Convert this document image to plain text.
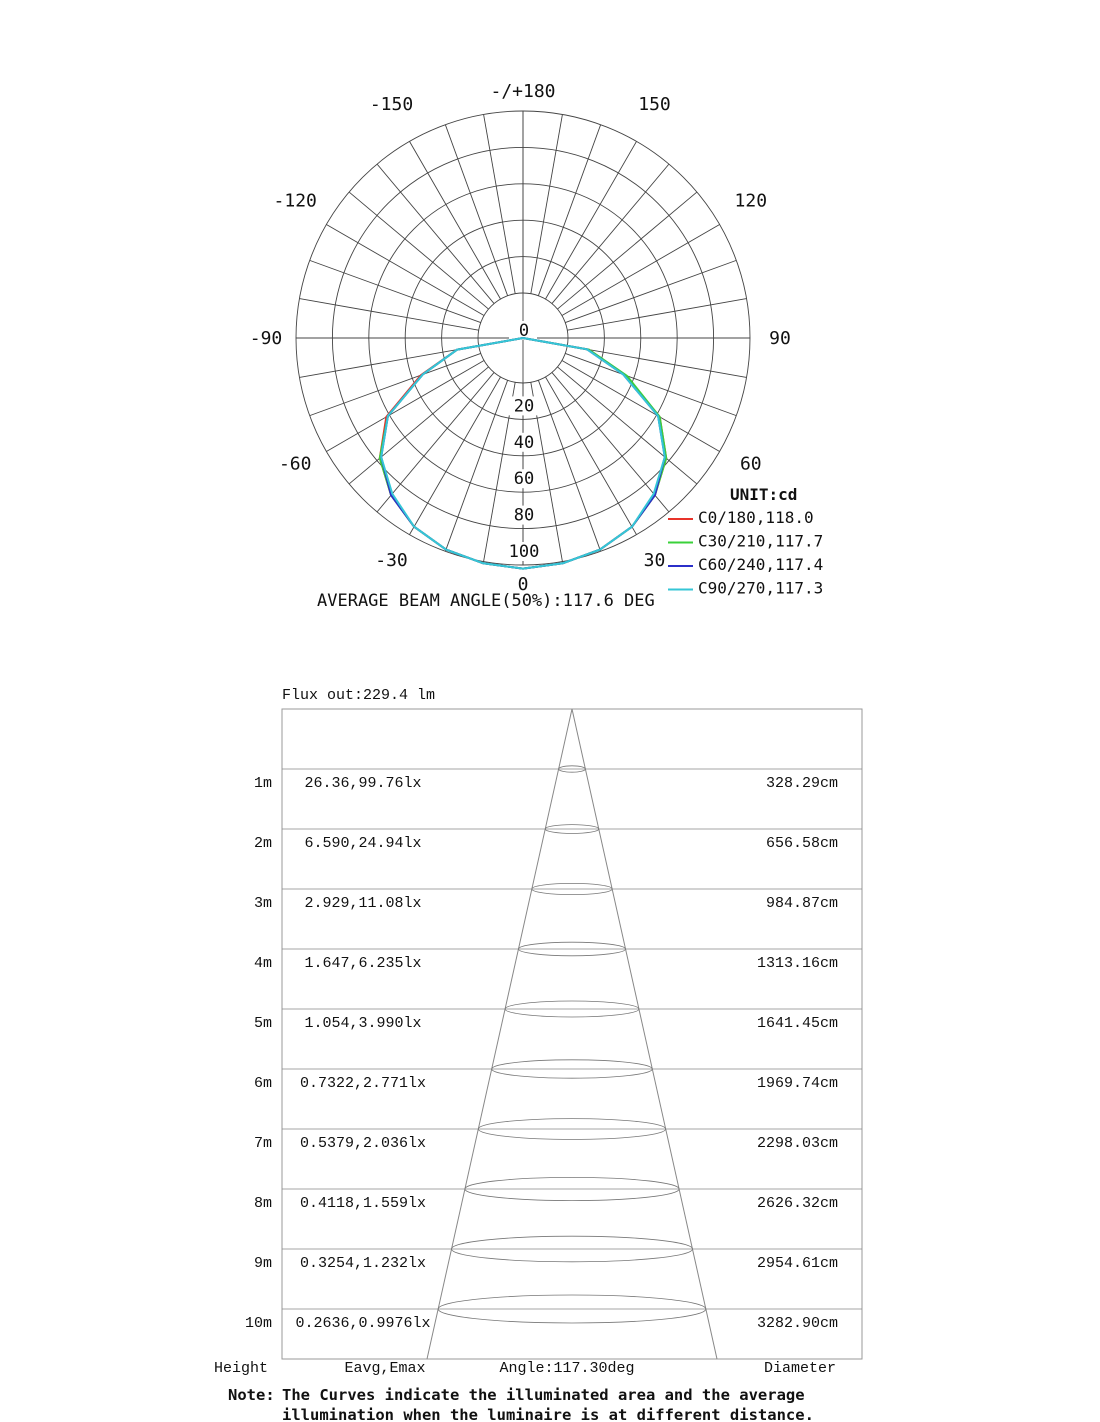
-/+180
-150	150
-120	120
-90	90
-60	60
-30	30
0
0
20
40
60
80
100
UNIT:cd
C0/180,118.0
C30/210,117.7
C60/240,117.4
C90/270,117.3
AVERAGE BEAM ANGLE(50%):117.6 DEG
Flux out:229.4 lm
1m 26.36,99.76lx	328.29cm
2m 6.590,24.94lx	656.58cm
3m 2.929,11.08lx	984.87cm
4m 1.647,6.235lx	1313.16cm
5m 1.054,3.990lx	1641.45cm
6m 0.7322,2.771lx	1969.74cm
7m 0.5379,2.036lx	2298.03cm
8m 0.4118,1.559lx	2626.32cm
9m 0.3254,1.232lx	2954.61cm
10m 0.2636,0.9976lx	3282.90cm
Height	Eavg,Emax	Angle:117.30deg	Diameter
Note: The Curves indicate the illuminated area and the average
illumination when the luminaire is at different distance.
